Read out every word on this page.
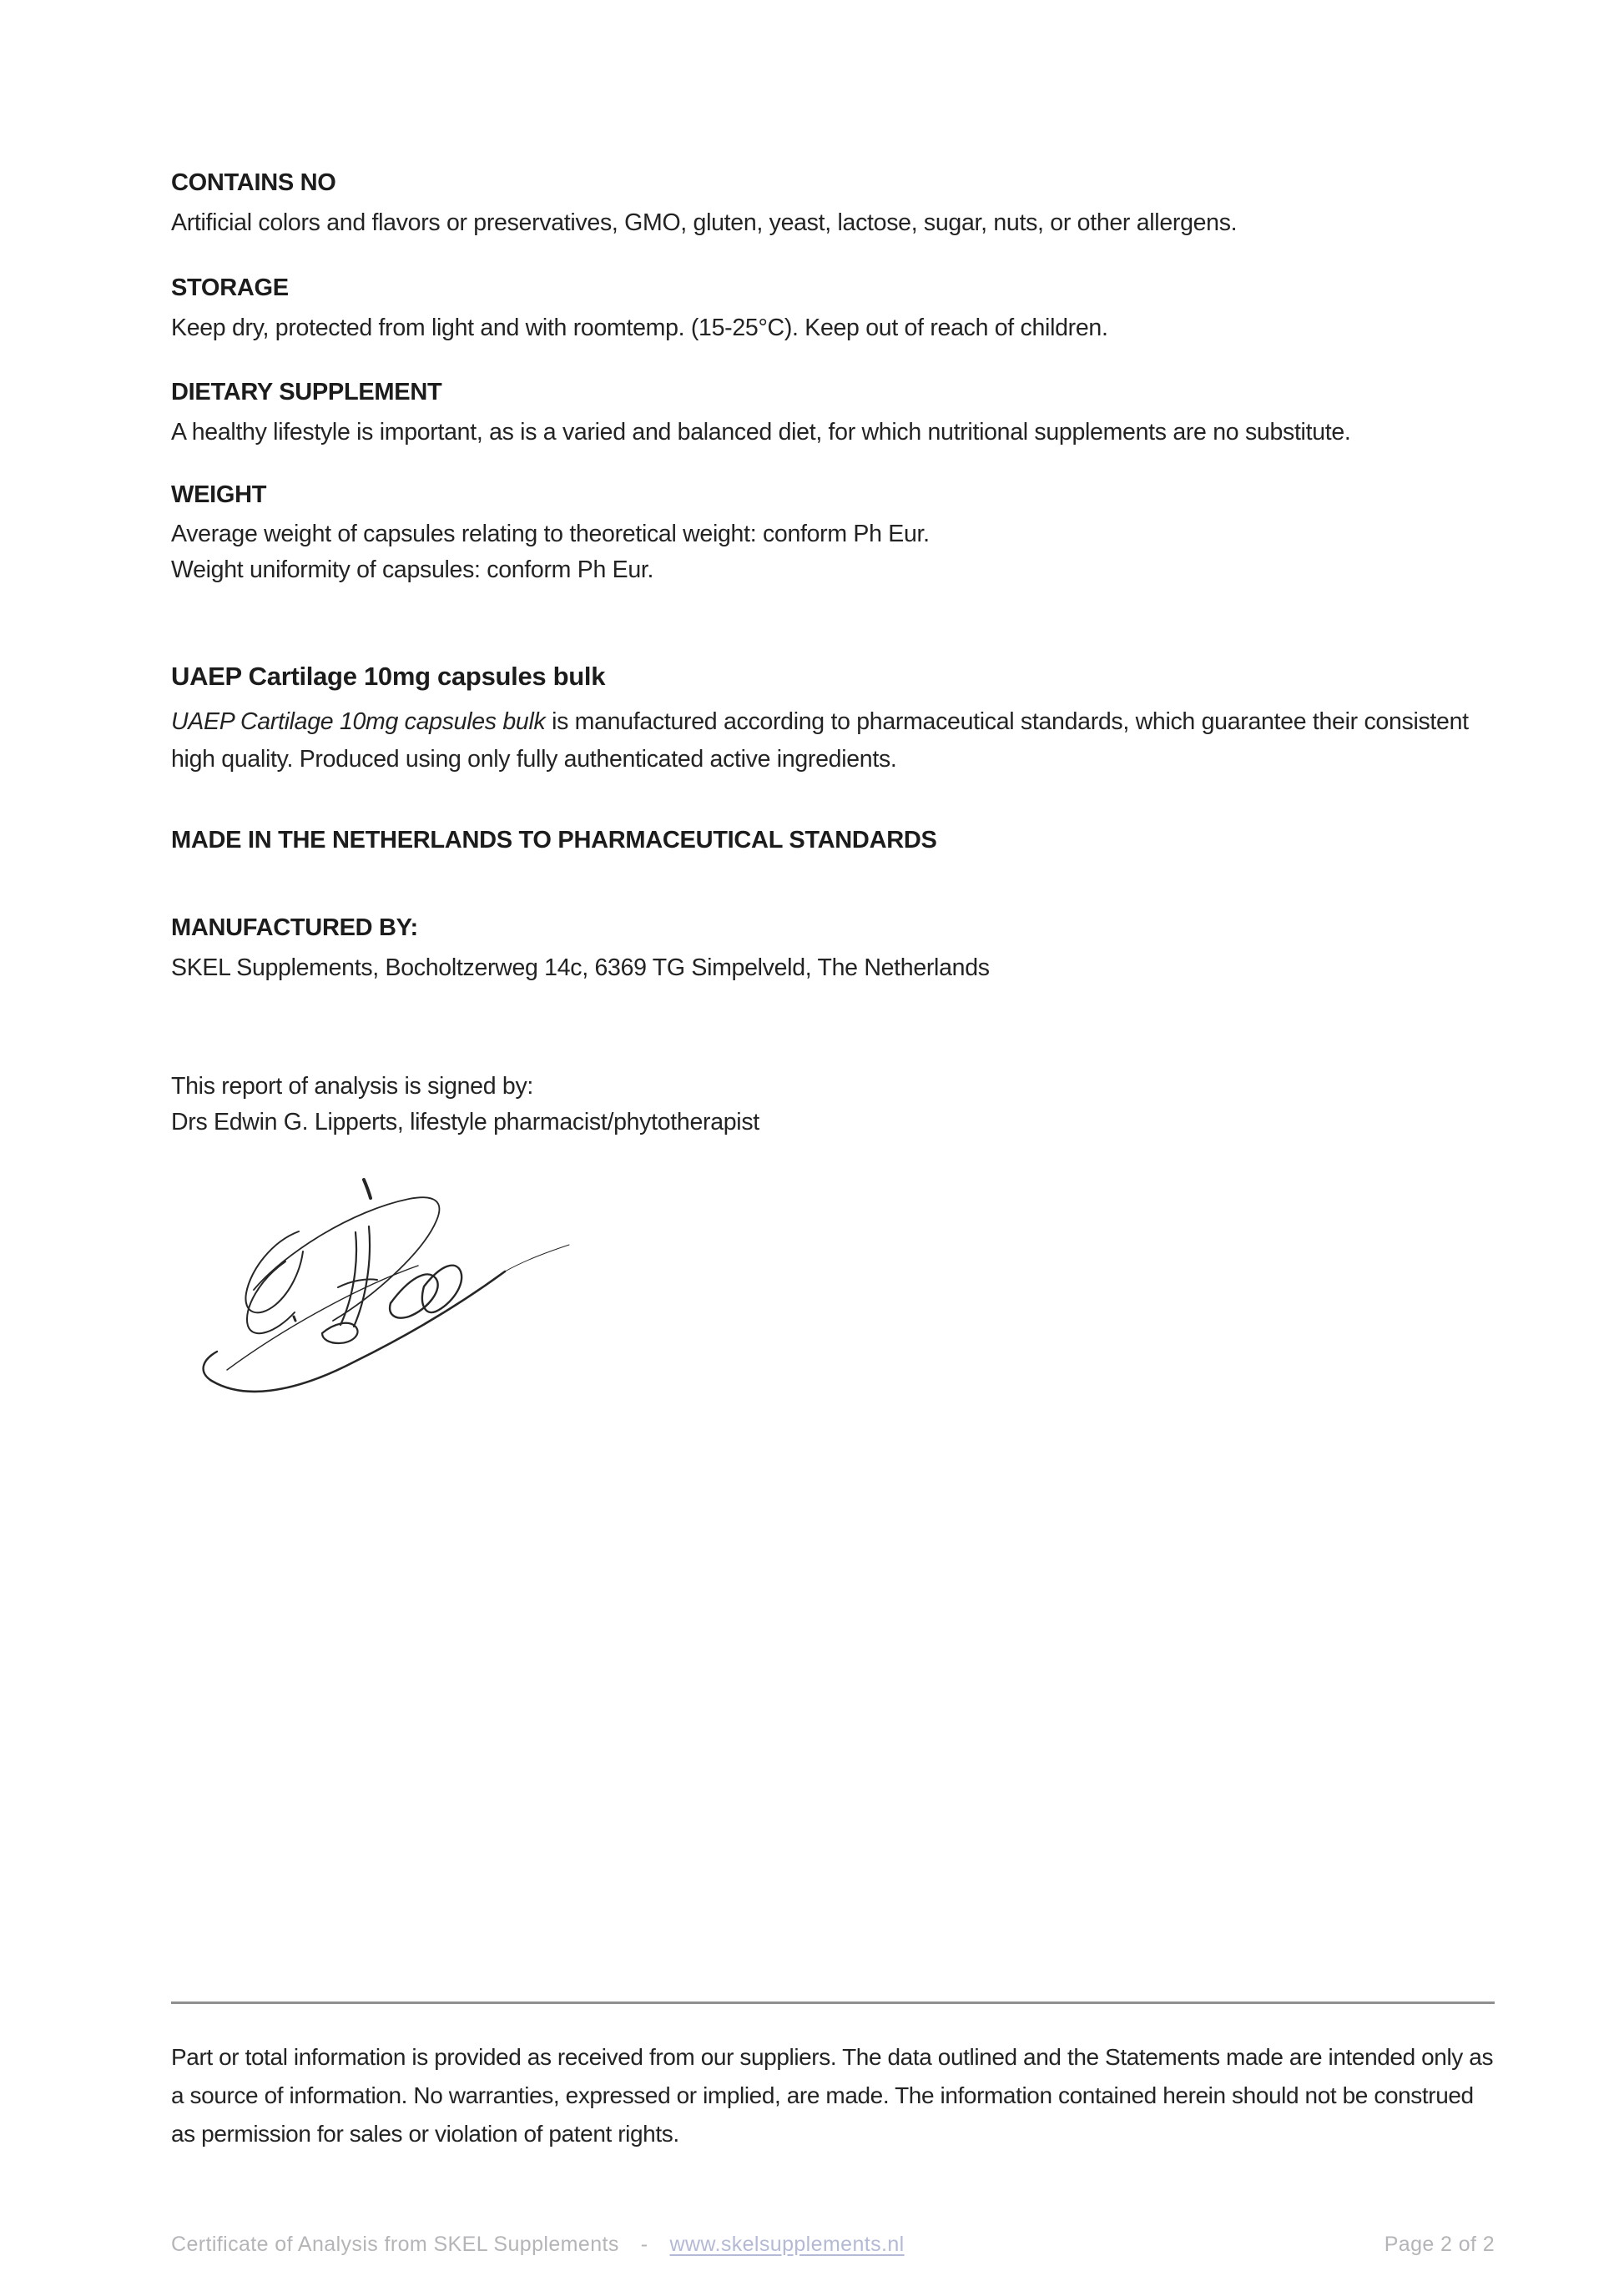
CONTAINS NO
Artificial colors and flavors or preservatives, GMO, gluten, yeast, lactose, sugar, nuts, or other allergens.
STORAGE
Keep dry, protected from light and with roomtemp. (15-25°C). Keep out of reach of children.
DIETARY SUPPLEMENT
A healthy lifestyle is important, as is a varied and balanced diet, for which nutritional supplements are no substitute.
WEIGHT
Average weight of capsules relating to theoretical weight: conform Ph Eur.
Weight uniformity of capsules: conform Ph Eur.
UAEP Cartilage 10mg capsules bulk
UAEP Cartilage 10mg capsules bulk is manufactured according to pharmaceutical standards, which guarantee their consistent high quality. Produced using only fully authenticated active ingredients.
MADE IN THE NETHERLANDS TO PHARMACEUTICAL STANDARDS
MANUFACTURED BY:
SKEL Supplements, Bocholtzerweg 14c, 6369 TG Simpelveld, The Netherlands
This report of analysis is signed by:
Drs Edwin G. Lipperts, lifestyle pharmacist/phytotherapist
Part or total information is provided as received from our suppliers. The data outlined and the Statements made are intended only as a source of information. No warranties, expressed or implied, are made. The information contained herein should not be construed as permission for sales or violation of patent rights.
Certificate of Analysis from SKEL Supplements - www.skelsupplements.nl	Page 2 of 2
